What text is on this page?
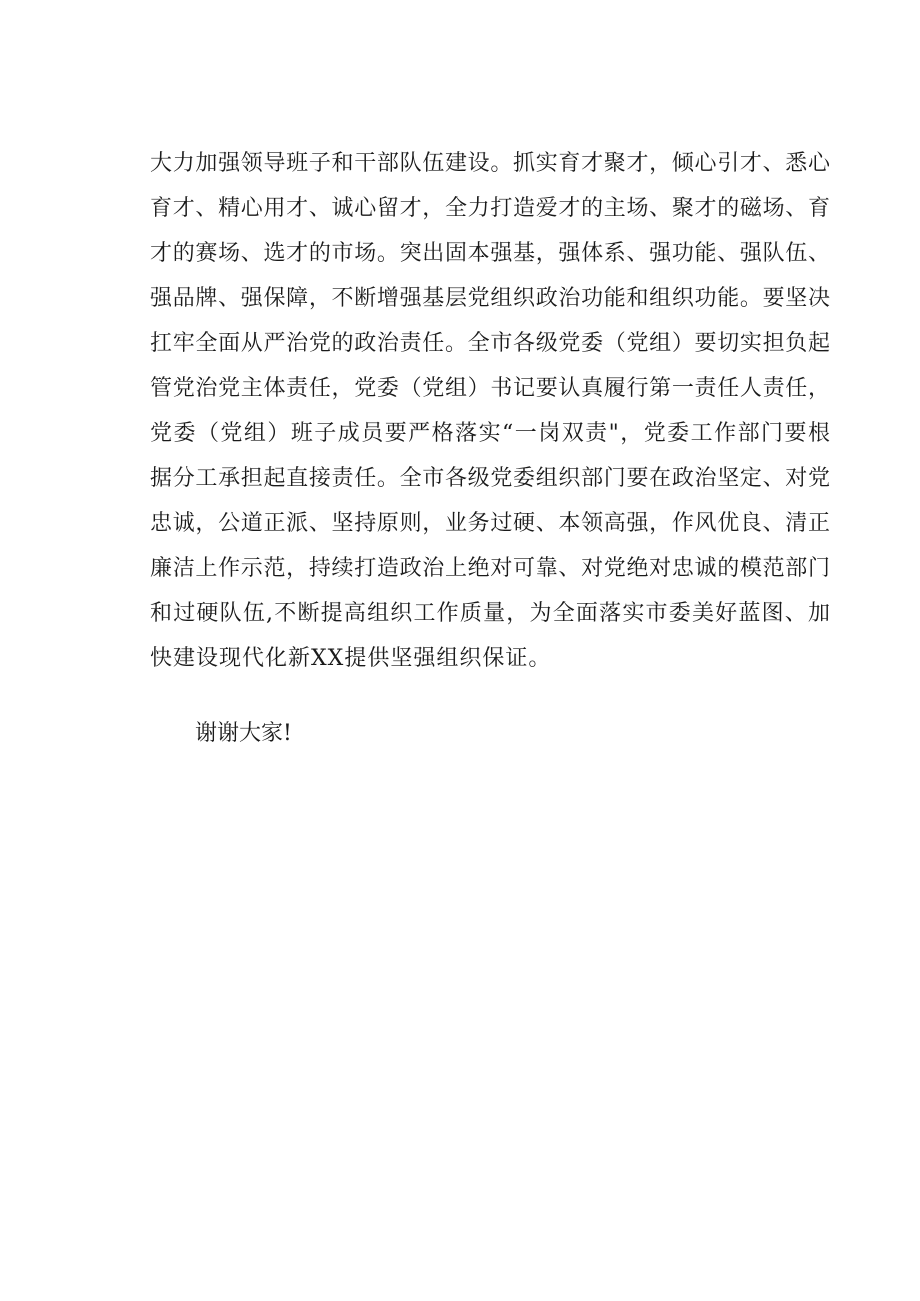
大力加强领导班子和干部队伍建设。抓实育才聚才，倾心引才、悉心
育才、精心用才、诚心留才，全力打造爱才的主场、聚才的磁场、育
才的赛场、选才的市场。突出固本强基，强体系、强功能、强队伍、
强品牌、强保障，不断增强基层党组织政治功能和组织功能。要坚决
扛牢全面从严治党的政治责任。全市各级党委（党组）要切实担负起
管党治党主体责任，党委（党组）书记要认真履行第一责任人责任，
党委（党组）班子成员要严格落实“一岗双责"，党委工作部门要根
据分工承担起直接责任。全市各级党委组织部门要在政治坚定、对党
忠诚，公道正派、坚持原则，业务过硬、本领高强，作风优良、清正
廉洁上作示范，持续打造政治上绝对可靠、对党绝对忠诚的模范部门
和过硬队伍,不断提高组织工作质量，为全面落实市委美好蓝图、加
快建设现代化新XX提供坚强组织保证。
谢谢大家!
